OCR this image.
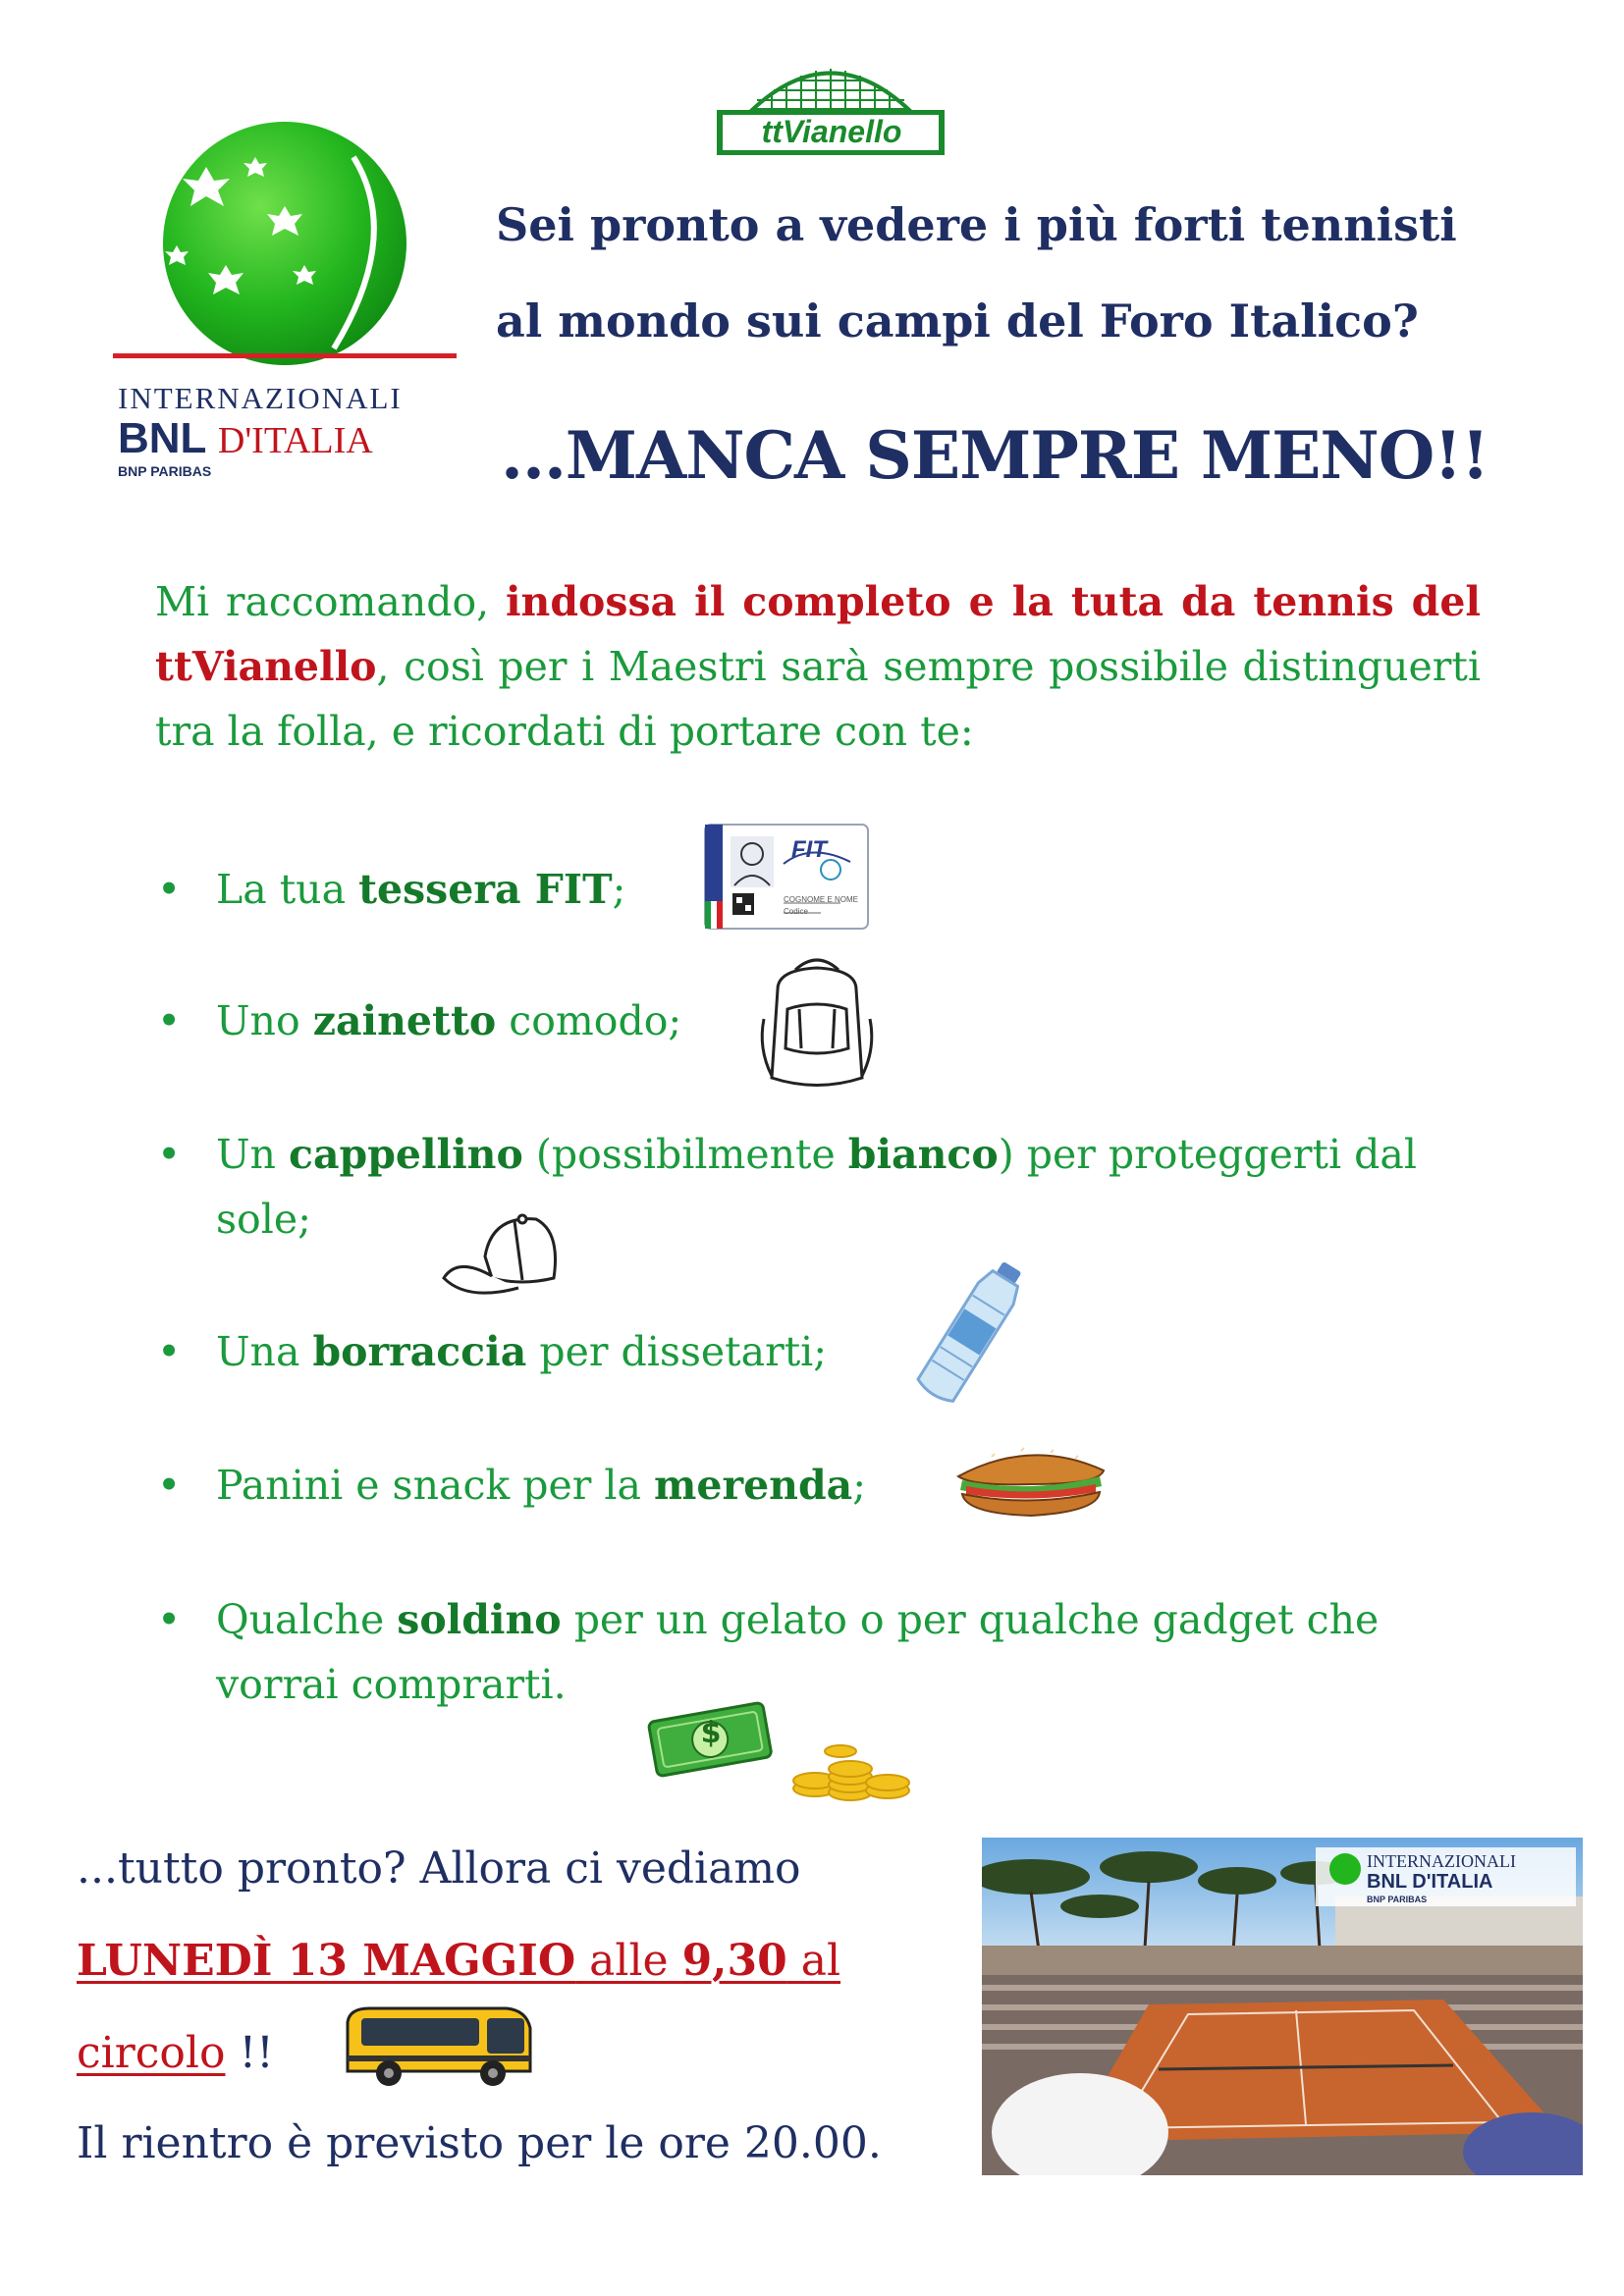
INTERNAZIONALI
BNL D'ITALIA
BNP PARIBAS
ttVianello
Sei pronto a vedere i più forti tennisti
al mondo sui campi del Foro Italico?
...MANCA SEMPRE MENO!!
Mi raccomando, indossa il completo e la tuta da tennis del ttVianello, così per i Maestri sarà sempre possibile distinguerti tra la folla, e ricordati di portare con te:
• La tua tessera FIT;
• Uno zainetto comodo;
• Un cappellino (possibilmente bianco) per proteggerti dal sole;
• Una borraccia per dissetarti;
• Panini e snack per la merenda;
• Qualche soldino per un gelato o per qualche gadget che vorrai comprarti.
FIT
COGNOME E NOME
Codice
$
...tutto pronto? Allora ci vediamo
LUNEDÌ 13 MAGGIO alle 9,30 al
circolo !!
Il rientro è previsto per le ore 20.00.
INTERNAZIONALI
BNL D'ITALIA
BNP PARIBAS
